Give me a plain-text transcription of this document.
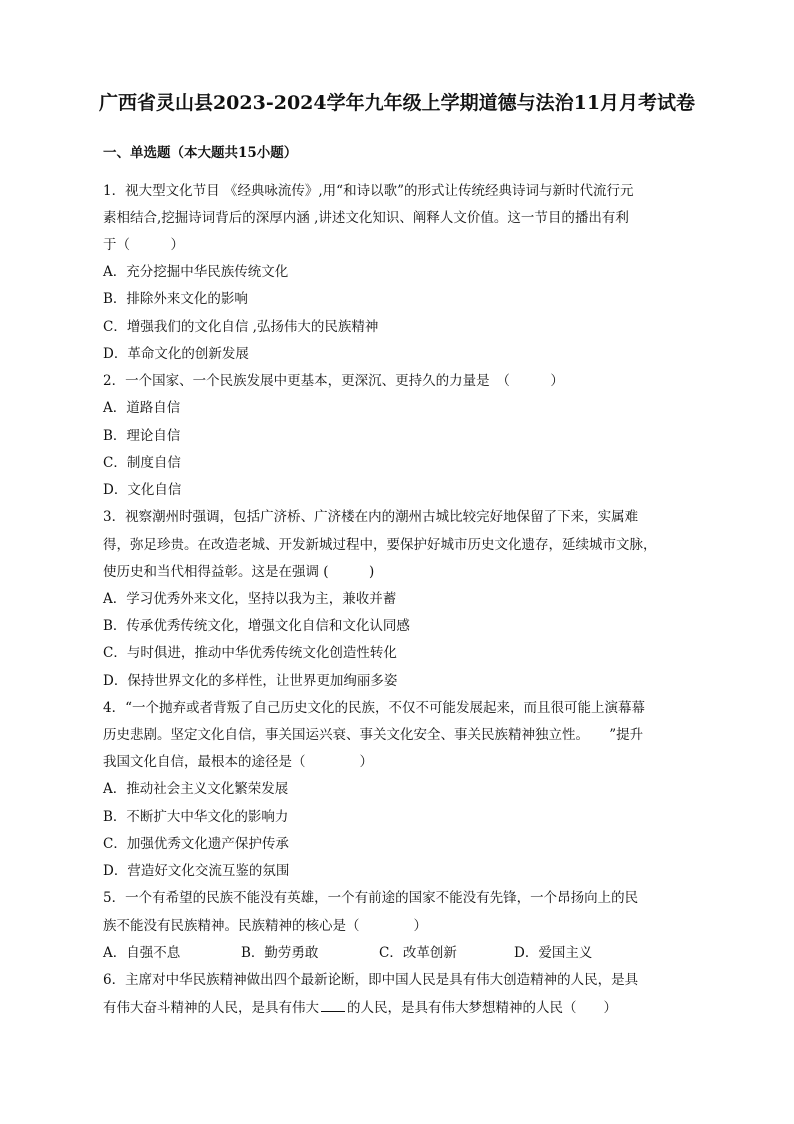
广西省灵山县2023-2024学年九年级上学期道德与法治11月月考试卷
一、单选题（本大题共15小题）
1．视大型文化节目 《经典咏流传》,用“和诗以歌”的形式让传统经典诗词与新时代流行元
素相结合,挖掘诗词背后的深厚内涵 ,讲述文化知识、阐释人文价值。这一节目的播出有利
于（　　　）
A．充分挖掘中华民族传统文化
B．排除外来文化的影响
C．增强我们的文化自信 ,弘扬伟大的民族精神
D．革命文化的创新发展
2．一个国家、一个民族发展中更基本，更深沉、更持久的力量是　（　　　）
A．道路自信
B．理论自信
C．制度自信
D．文化自信
3．视察潮州时强调，包括广济桥、广济楼在内的潮州古城比较完好地保留了下来，实属难
得，弥足珍贵。在改造老城、开发新城过程中，要保护好城市历史文化遗存，延续城市文脉，
使历史和当代相得益彰。这是在强调 (　　　)
A．学习优秀外来文化，坚持以我为主，兼收并蓄
B．传承优秀传统文化，增强文化自信和文化认同感
C．与时俱进，推动中华优秀传统文化创造性转化
D．保持世界文化的多样性，让世界更加绚丽多姿
4．“一个抛弃或者背叛了自己历史文化的民族，不仅不可能发展起来，而且很可能上演幕幕
历史悲剧。坚定文化自信，事关国运兴衰、事关文化安全、事关民族精神独立性。　　”提升
我国文化自信，最根本的途径是（　　　　）
A．推动社会主义文化繁荣发展
B．不断扩大中华文化的影响力
C．加强优秀文化遗产保护传承
D．营造好文化交流互鉴的氛围
5．一个有希望的民族不能没有英雄，一个有前途的国家不能没有先锋，一个昂扬向上的民
族不能没有民族精神。民族精神的核心是（　　　　）
A．自强不息	B．勤劳勇敢	C．改革创新	D．爱国主义
6．主席对中华民族精神做出四个最新论断，即中国人民是具有伟大创造精神的人民，是具
有伟大奋斗精神的人民，是具有伟大 的人民，是具有伟大梦想精神的人民（　　）
